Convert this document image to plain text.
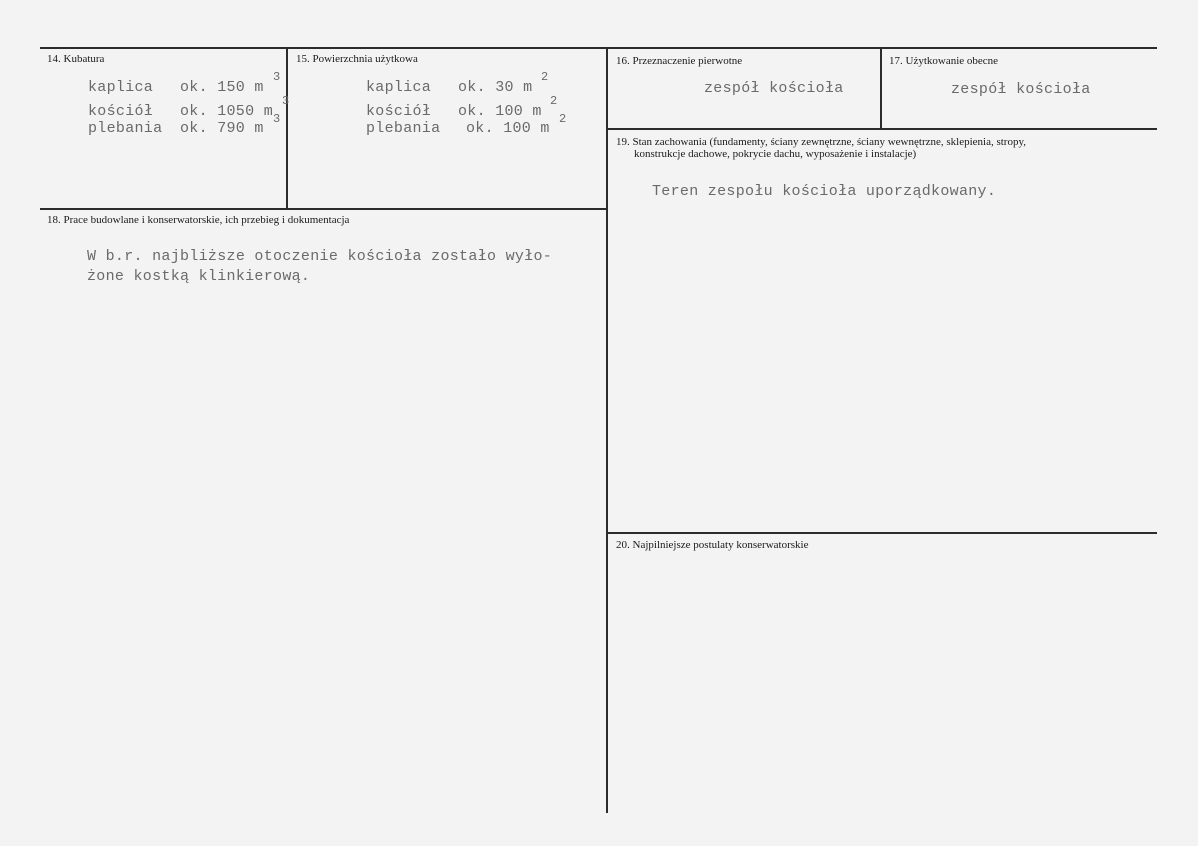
14. Kubatura
kaplica ok. 150 m
3
kościół ok. 1050 m
3
plebania ok. 790 m
3
15. Powierzchnia użytkowa
kaplica ok. 30 m
2
kościół ok. 100 m
2
plebania ok. 100 m
2
16. Przeznaczenie pierwotne
zespół kościoła
17. Użytkowanie obecne
zespół kościoła
18. Prace budowlane i konserwatorskie, ich przebieg i dokumentacja
W b.r. najbliższe otoczenie kościoła zostało wyło-
żone kostką klinkierową.
19. Stan zachowania (fundamenty, ściany zewnętrzne, ściany wewnętrzne, sklepienia, stropy,
konstrukcje dachowe, pokrycie dachu, wyposażenie i instalacje)
Teren zespołu kościoła uporządkowany.
20. Najpilniejsze postulaty konserwatorskie
